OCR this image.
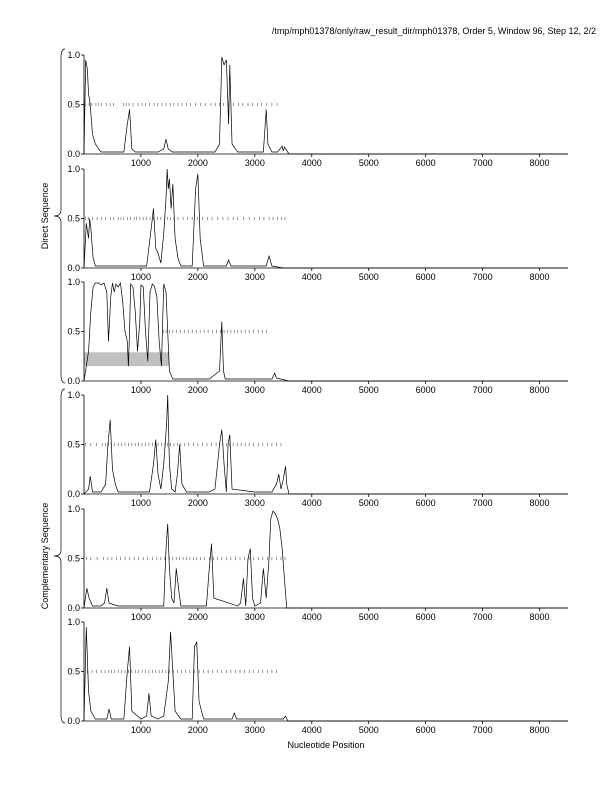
/tmp/mph01378/only/raw_result_dir/mph01378, Order 5, Window 96, Step 12, 2/2
0.0
0.5
1.0
1000	2000	3000	4000	5000	6000	7000	8000
0.0
0.5
1.0
1000	2000	3000	4000	5000	6000	7000	8000
0.0
0.5
1.0
1000	2000	3000	4000	5000	6000	7000	8000
0.0
0.5
1.0
1000	2000	3000	4000	5000	6000	7000	8000
0.0
0.5
1.0
1000	2000	3000	4000	5000	6000	7000	8000
0.0
0.5
1.0
1000	2000	3000	4000	5000	6000	7000	8000
Direct Sequence
Complementary Sequence
Nucleotide Position
